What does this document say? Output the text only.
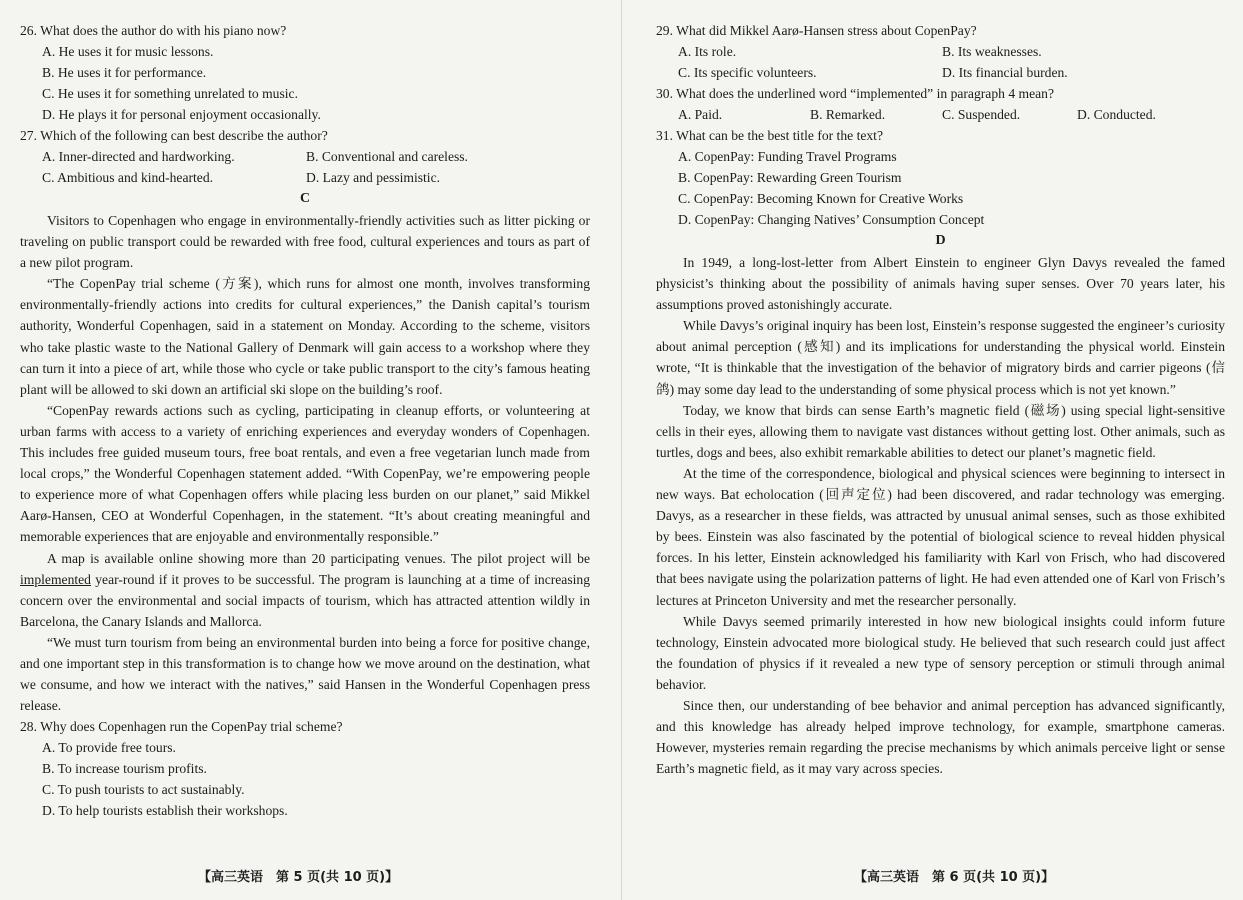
26. What does the author do with his piano now?

A. He uses it for music lessons.

B. He uses it for performance.

C. He uses it for something unrelated to music.

D. He plays it for personal enjoyment occasionally.

27. Which of the following can best describe the author?

A. Inner-directed and hardworking.	B. Conventional and careless.
C. Ambitious and kind-hearted.	D. Lazy and pessimistic.

C

Visitors to Copenhagen who engage in environmentally-friendly activities such as litter picking or traveling on public transport could be rewarded with free food, cultural experiences and tours as part of a new pilot program.

“The CopenPay trial scheme (方案), which runs for almost one month, involves transforming environmentally-friendly actions into credits for cultural experiences,” the Danish capital’s tourism authority, Wonderful Copenhagen, said in a statement on Monday. According to the scheme, visitors who take plastic waste to the National Gallery of Denmark will gain access to a workshop where they can turn it into a piece of art, while those who cycle or take public transport to the city’s famous heating plant will be allowed to ski down an artificial ski slope on the building’s roof.

“CopenPay rewards actions such as cycling, participating in cleanup efforts, or volunteering at urban farms with access to a variety of enriching experiences and everyday wonders of Copenhagen. This includes free guided museum tours, free boat rentals, and even a free vegetarian lunch made from local crops,” the Wonderful Copenhagen statement added. “With CopenPay, we’re empowering people to experience more of what Copenhagen offers while placing less burden on our planet,” said Mikkel Aarø-Hansen, CEO at Wonderful Copenhagen, in the statement. “It’s about creating meaningful and memorable experiences that are enjoyable and environmentally responsible.”

A map is available online showing more than 20 participating venues. The pilot project will be implemented year-round if it proves to be successful. The program is launching at a time of increasing concern over the environmental and social impacts of tourism, which has attracted attention wildly in Barcelona, the Canary Islands and Mallorca.

“We must turn tourism from being an environmental burden into being a force for positive change, and one important step in this transformation is to change how we move around on the destination, what we consume, and how we interact with the natives,” said Hansen in the Wonderful Copenhagen press release.

28. Why does Copenhagen run the CopenPay trial scheme?

A. To provide free tours.

B. To increase tourism profits.

C. To push tourists to act sustainably.

D. To help tourists establish their workshops.

【高三英语　第 5 页(共 10 页)】

29. What did Mikkel Aarø-Hansen stress about CopenPay?

A. Its role.	B. Its weaknesses.
C. Its specific volunteers.	D. Its financial burden.

30. What does the underlined word “implemented” in paragraph 4 mean?

A. Paid.	B. Remarked.	C. Suspended.	D. Conducted.

31. What can be the best title for the text?

A. CopenPay: Funding Travel Programs

B. CopenPay: Rewarding Green Tourism

C. CopenPay: Becoming Known for Creative Works

D. CopenPay: Changing Natives’ Consumption Concept

D

In 1949, a long-lost-letter from Albert Einstein to engineer Glyn Davys revealed the famed physicist’s thinking about the possibility of animals having super senses. Over 70 years later, his assumptions proved astonishingly accurate.

While Davys’s original inquiry has been lost, Einstein’s response suggested the engineer’s curiosity about animal perception (感知) and its implications for understanding the physical world. Einstein wrote, “It is thinkable that the investigation of the behavior of migratory birds and carrier pigeons (信鸽) may some day lead to the understanding of some physical process which is not yet known.”

Today, we know that birds can sense Earth’s magnetic field (磁场) using special light-sensitive cells in their eyes, allowing them to navigate vast distances without getting lost. Other animals, such as turtles, dogs and bees, also exhibit remarkable abilities to detect our planet’s magnetic field.

At the time of the correspondence, biological and physical sciences were beginning to intersect in new ways. Bat echolocation (回声定位) had been discovered, and radar technology was emerging. Davys, as a researcher in these fields, was attracted by unusual animal senses, such as those exhibited by bees. Einstein was also fascinated by the potential of biological science to reveal hidden physical forces. In his letter, Einstein acknowledged his familiarity with Karl von Frisch, who had discovered that bees navigate using the polarization patterns of light. He had even attended one of Karl von Frisch’s lectures at Princeton University and met the researcher personally.

While Davys seemed primarily interested in how new biological insights could inform future technology, Einstein advocated more biological study. He believed that such research could just affect the foundation of physics if it revealed a new type of sensory perception or stimuli through animal behavior.

Since then, our understanding of bee behavior and animal perception has advanced significantly, and this knowledge has already helped improve technology, for example, smartphone cameras. However, mysteries remain regarding the precise mechanisms by which animals perceive light or sense Earth’s magnetic field, as it may vary across species.

【高三英语　第 6 页(共 10 页)】
